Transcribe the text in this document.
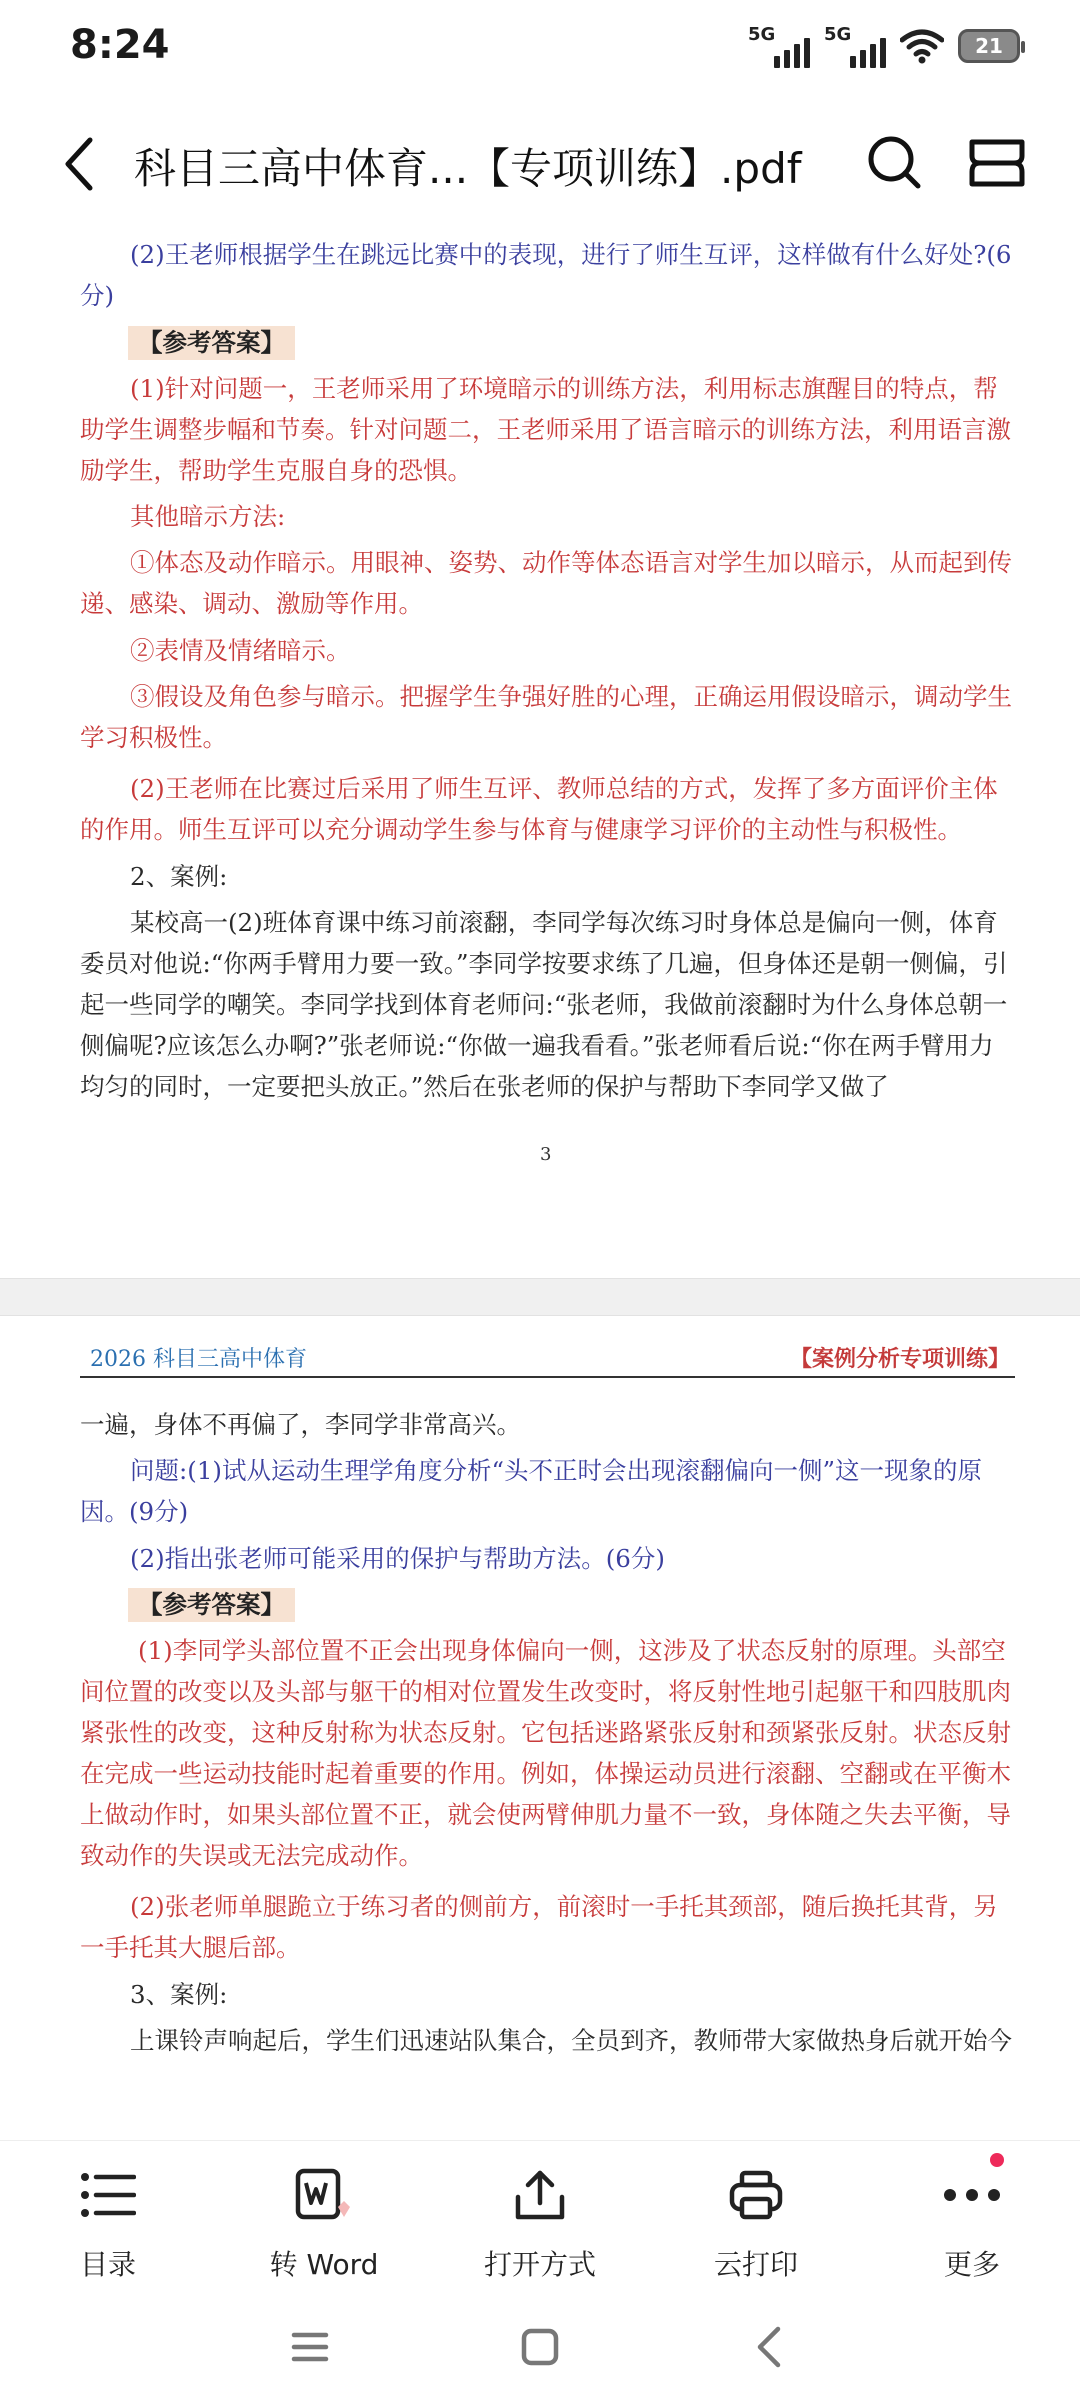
8:24	5G	5G	21
科目三高中体育...【专项训练】.pdf
(2)王老师根据学生在跳远比赛中的表现，进行了师生互评，这样做有什么好处?(6分)
【参考答案】
(1)针对问题一，王老师采用了环境暗示的训练方法，利用标志旗醒目的特点，帮助学生调整步幅和节奏。针对问题二，王老师采用了语言暗示的训练方法，利用语言激励学生，帮助学生克服自身的恐惧。
其他暗示方法:
①体态及动作暗示。用眼神、姿势、动作等体态语言对学生加以暗示，从而起到传递、感染、调动、激励等作用。
②表情及情绪暗示。
③假设及角色参与暗示。把握学生争强好胜的心理，正确运用假设暗示，调动学生学习积极性。
(2)王老师在比赛过后采用了师生互评、教师总结的方式，发挥了多方面评价主体的作用。师生互评可以充分调动学生参与体育与健康学习评价的主动性与积极性。
2、案例:
某校高一(2)班体育课中练习前滚翻，李同学每次练习时身体总是偏向一侧，体育委员对他说:“你两手臂用力要一致。”李同学按要求练了几遍，但身体还是朝一侧偏，引起一些同学的嘲笑。李同学找到体育老师问:“张老师，我做前滚翻时为什么身体总朝一侧偏呢?应该怎么办啊?”张老师说:“你做一遍我看看。”张老师看后说:“你在两手臂用力均匀的同时，一定要把头放正。”然后在张老师的保护与帮助下李同学又做了
3
2026 科目三高中体育	【案例分析专项训练】
一遍，身体不再偏了，李同学非常高兴。
问题:(1)试从运动生理学角度分析“头不正时会出现滚翻偏向一侧”这一现象的原因。(9分)
(2)指出张老师可能采用的保护与帮助方法。(6分)
【参考答案】
(1)李同学头部位置不正会出现身体偏向一侧，这涉及了状态反射的原理。头部空间位置的改变以及头部与躯干的相对位置发生改变时，将反射性地引起躯干和四肢肌肉紧张性的改变，这种反射称为状态反射。它包括迷路紧张反射和颈紧张反射。状态反射在完成一些运动技能时起着重要的作用。例如，体操运动员进行滚翻、空翻或在平衡木上做动作时，如果头部位置不正，就会使两臂伸肌力量不一致，身体随之失去平衡，导致动作的失误或无法完成动作。
(2)张老师单腿跪立于练习者的侧前方，前滚时一手托其颈部，随后换托其背，另一手托其大腿后部。
3、案例:
上课铃声响起后，学生们迅速站队集合，全员到齐，教师带大家做热身后就开始今
目录	转 Word	打开方式	云打印	更多
